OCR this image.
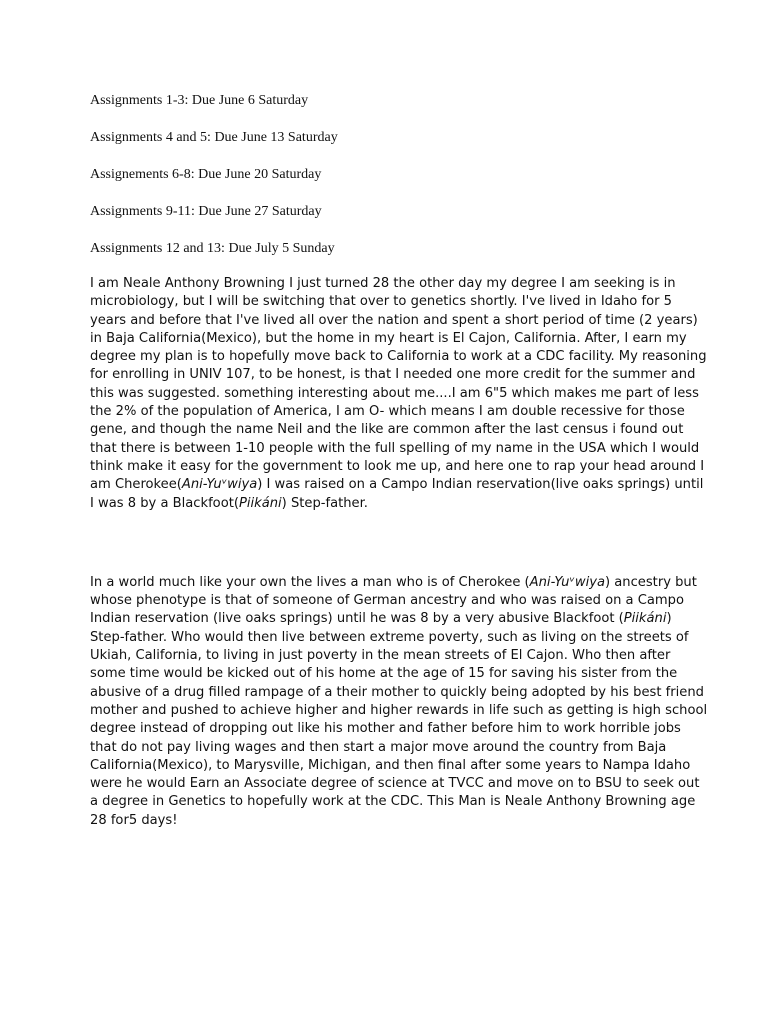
Assignments 1-3: Due June 6 Saturday
Assignments 4 and 5: Due June 13 Saturday
Assignements 6-8: Due June 20 Saturday
Assignments 9-11: Due June 27 Saturday
Assignments 12 and 13: Due July 5 Sunday

I am Neale Anthony Browning I just turned 28 the other day my degree I am seeking is in microbiology, but I will be switching that over to genetics shortly. I've lived in Idaho for 5 years and before that I've lived all over the nation and spent a short period of time (2 years) in Baja California(Mexico), but the home in my heart is El Cajon, California. After, I earn my degree my plan is to hopefully move back to California to work at a CDC facility. My reasoning for enrolling in UNIV 107, to be honest, is that I needed one more credit for the summer and this was suggested. something interesting about me....I am 6"5 which makes me part of less the 2% of the population of America, I am O- which means I am double recessive for those gene, and though the name Neil and the like are common after the last census i found out that there is between 1-10 people with the full spelling of my name in the USA which I would think make it easy for the government to look me up, and here one to rap your head around I am Cherokee(Ani-Yuᵛwiya) I was raised on a Campo Indian reservation(live oaks springs) until I was 8 by a Blackfoot(Piikáni) Step-father.

In a world much like your own the lives a man who is of Cherokee (Ani-Yuᵛwiya) ancestry but whose phenotype is that of someone of German ancestry and who was raised on a Campo Indian reservation (live oaks springs) until he was 8 by a very abusive Blackfoot (Piikáni) Step-father. Who would then live between extreme poverty, such as living on the streets of Ukiah, California, to living in just poverty in the mean streets of El Cajon. Who then after some time would be kicked out of his home at the age of 15 for saving his sister from the abusive of a drug filled rampage of a their mother to quickly being adopted by his best friend mother and pushed to achieve higher and higher rewards in life such as getting is high school degree instead of dropping out like his mother and father before him to work horrible jobs that do not pay living wages and then start a major move around the country from Baja California(Mexico), to Marysville, Michigan, and then final after some years to Nampa Idaho were he would Earn an Associate degree of science at TVCC and move on to BSU to seek out a degree in Genetics to hopefully work at the CDC. This Man is Neale Anthony Browning age 28 for5 days!
